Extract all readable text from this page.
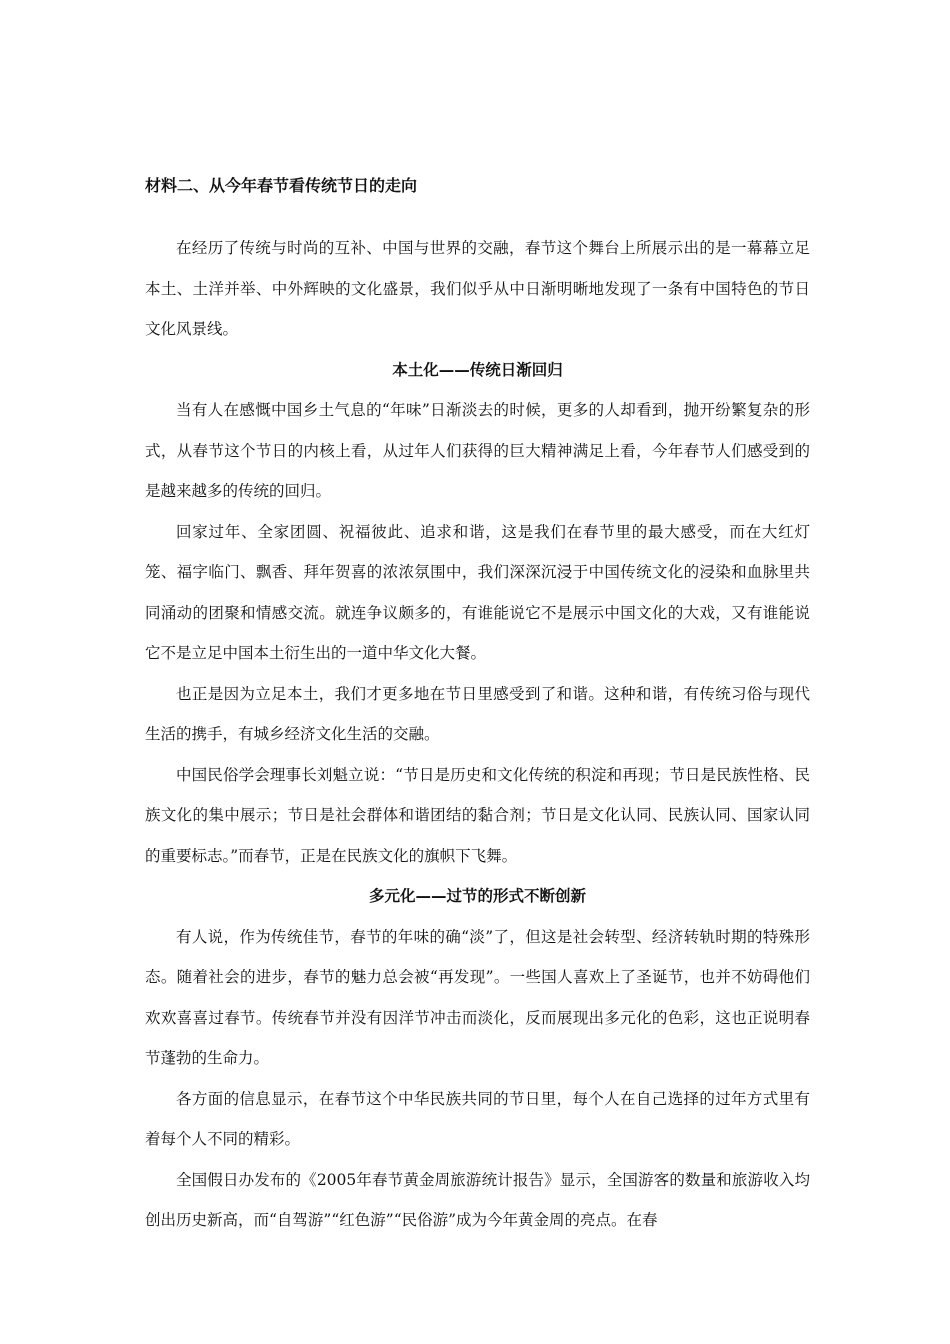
材料二、从今年春节看传统节日的走向

在经历了传统与时尚的互补、中国与世界的交融，春节这个舞台上所展示出的是一幕幕立足本土、土洋并举、中外辉映的文化盛景，我们似乎从中日渐明晰地发现了一条有中国特色的节日文化风景线。

本土化——传统日渐回归

当有人在感慨中国乡土气息的“年味”日渐淡去的时候，更多的人却看到，抛开纷繁复杂的形式，从春节这个节日的内核上看，从过年人们获得的巨大精神满足上看，今年春节人们感受到的是越来越多的传统的回归。

回家过年、全家团圆、祝福彼此、追求和谐，这是我们在春节里的最大感受，而在大红灯笼、福字临门、飘香、拜年贺喜的浓浓氛围中，我们深深沉浸于中国传统文化的浸染和血脉里共同涌动的团聚和情感交流。就连争议颇多的，有谁能说它不是展示中国文化的大戏，又有谁能说它不是立足中国本土衍生出的一道中华文化大餐。

也正是因为立足本土，我们才更多地在节日里感受到了和谐。这种和谐，有传统习俗与现代生活的携手，有城乡经济文化生活的交融。

中国民俗学会理事长刘魁立说：“节日是历史和文化传统的积淀和再现；节日是民族性格、民族文化的集中展示；节日是社会群体和谐团结的黏合剂；节日是文化认同、民族认同、国家认同的重要标志。”而春节，正是在民族文化的旗帜下飞舞。

多元化——过节的形式不断创新

有人说，作为传统佳节，春节的年味的确“淡”了，但这是社会转型、经济转轨时期的特殊形态。随着社会的进步，春节的魅力总会被“再发现”。一些国人喜欢上了圣诞节，也并不妨碍他们欢欢喜喜过春节。传统春节并没有因洋节冲击而淡化，反而展现出多元化的色彩，这也正说明春节蓬勃的生命力。

各方面的信息显示，在春节这个中华民族共同的节日里，每个人在自己选择的过年方式里有着每个人不同的精彩。

全国假日办发布的《2005年春节黄金周旅游统计报告》显示，全国游客的数量和旅游收入均创出历史新高，而“自驾游”“红色游”“民俗游”成为今年黄金周的亮点。在春
